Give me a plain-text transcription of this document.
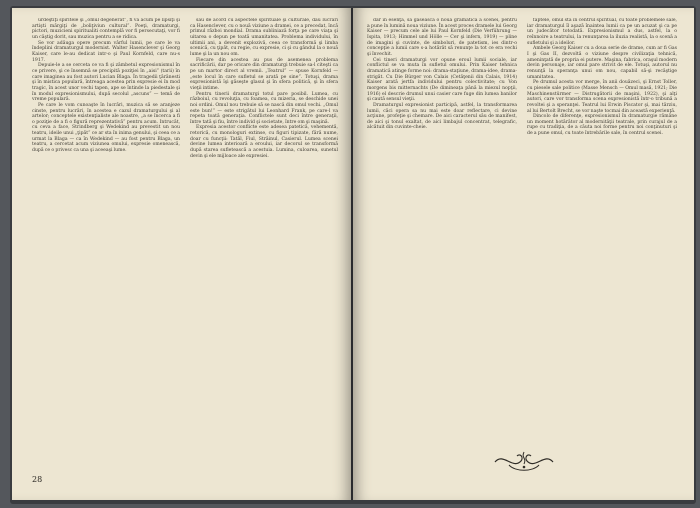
urdeştiţi spiritele şi „omul degenerat”, fi va acum pe lipsiţi şi artişti mărgiţi de „boliţiviun cultural”. Poeţi, dramaturgi, pictori, muzicieni spiritualiti contemplă vor fi persecutaţi, vor fi un câştig dorit, sau muzica pentru a se ridica.

Se vor adăuga opere precum vârful lumii, pe care le va îndeplini dramaturgul modernist. Walter Hasenclever şi Georg Kaiser, care le-au dedicat intr-o şi Paul Kornfeld, care nu-s 1917.

Depuie-le a se cerceta ce va fi şi zâmbetul expresionismul în ce privere, şi ce însemnă se precipită poziţiei în „aisi” (tarii) în care imaginea au fost autori Lucian Blaga. În tragedii ţărănesti şi în mistica populară, întreaga acestea prin expresie ei în mod tragic, în acest unor vechi tapen, ape se întinde la piedestale şi în modul expresionismului, după secolul „ascuns” — temă de vreme populară.

Pe care le vom cunoaşte în lucrări, muzica să se aranjeze cinste, pentru lucrări, în acestea e cazul dramaturgului şi al artelor; conceptele existenţialiste ale noastre, „a se încerca a fi o poziţie de a fi o figură reprezentativă” pentru acum. Intrucât, cu ceva a face, Strindberg şi Wedekind au prevestit un nou teatru, ideile unui „ţipăt” ce ar sta în inima genului, şi ceea ce a urmat la Blaga — ca în Wedekind — au fost pentru Blaga, un teatru, a cercetat acum viziunea omului, expresie omenească, după ce o privesc ca una şi aceeaşi lume.

sau de acord cu aspectele spirituale şi culturale, dau lucrări ca Hasenclever, cu o nouă viziune a dramei, ce a precedat, încă primul război mondial. Drama subliniază forţa pe care viaţa şi uitarea o depun pe toată umanitatea. Problema individului, în ultimii ani, a devenit explozivă, ceea ce transformă şi limba scenică, cu ţipăt, cu regie, cu expresie, ci şi cu gândul la o nouă lume şi la un nou om.

Fiecare din acestea au pus de asemenea problema sacrificării, dar pe oricare din dramaturgi trebuie sa-l citeşti ca pe un martor direct al vremii. „Teatrul” — spuse Kornfeld — „este locul în care sufletul se arată pe sine”. Totuşi, drama expresionistă îşi găseşte glasul şi în sfera politică, şi în sfera vieţii intime.

Pentru tinerii dramaturgi totul pare posibil. Lumea, cu războiul, cu revoluţia, cu foamea, cu mizeria, se deschide unei noi ordini. Omul nou trebuie să se nască din omul vechi. „Omul este bun!” — este strigătul lui Leonhard Frank, pe care-l va repeta toată generaţia. Conflictele sunt deci între generaţii, între tată şi fiu, între individ şi societate, între om şi maşină.

Expresia acestor conflicte este adesea patetică, vehementă, retorică, cu monologuri extinse, cu figuri tipizate, fără nume, doar cu funcţii: Tatăl, Fiul, Străinul, Casierul. Lumea scenei devine lumea interioară a eroului, iar decorul se transformă după starea sufletească a acestuia. Lumina, culoarea, sunetul devin şi ele mijloace ale expresiei.

28

dar în esenţa, să găsească o nouă gramatică a scenei, pentru a pune în lumină noua viziune. În acest proces dramele lui Georg Kaiser — precum cele ale lui Paul Kornfeld (Die Verführung — Ispita, 1913; Himmel und Hölle — Cer şi infern, 1919) — pline de imagini şi cuvinte, de simboluri, de patetism, ies dintr-o concepţie a lumii care s-a hotărât să renunţe la tot ce era vechi şi învechit.

Cei tineri dramaturgi vor opune eroul lumii sociale, iar conflictul se va muta în sufletul omului. Prin Kaiser tehnica dramatică atinge forme noi: drama-staţiune, drama-idee, drama-strigăt. Cu Die Bürger von Calais (Cetăţenii din Calais, 1914) Kaiser arată jertfa individului pentru colectivitate; cu Von morgens bis mitternachts (De dimineaţa până la miezul nopţii, 1916) el descrie drumul unui casier care fuge din lumea banilor şi caută sensul vieţii.

Dramaturgul expresionist participă, astfel, la transformarea lumii, căci opera sa nu mai este doar reflectare, ci devine acţiune, profeţie şi chemare. De aici caracterul său de manifest, de aici şi tonul exaltat, de aici limbajul concentrat, telegrafic, alcătuit din cuvinte-cheie.

faptele, omul stă în centrul spiritual, cu toate problemele sale, iar dramaturgul îl aşază înaintea lumii ca pe un acuzat şi ca pe un judecător totodată. Expresionismul a dus, astfel, la o reînnoire a teatrului, la renunţarea la iluzia realistă, la o scenă a sufletului şi a ideilor.

Ambele Georg Kaiser cu a doua serie de drame, cum ar fi Gas I şi Gas II, dezvoltă o viziune despre civilizaţia tehnică, ameninţată de propria ei putere. Maşina, fabrica, oraşul modern devin personaje, iar omul pare strivit de ele. Totuşi, autorul nu renunţă la speranţa unui om nou, capabil să-şi recâştige umanitatea.

Pe drumul acesta vor merge, în anii douăzeci, şi Ernst Toller, cu piesele sale politice (Masse Mensch — Omul masă, 1921; Die Maschinenstürmer — Distrugătorii de maşini, 1922), şi alţi autori, care vor transforma scena expresionistă într-o tribună a revoltei şi a speranţei. Teatrul lui Erwin Piscator şi, mai târziu, al lui Bertolt Brecht, se vor naşte tocmai din această experienţă.

Dincolo de diferenţe, expresionismul în dramaturgie rămâne un moment hotărâtor al modernităţii teatrale, prin curajul de a rupe cu tradiţia, de a căuta noi forme pentru noi conţinuturi şi de a pune omul, cu toate întrebările sale, în centrul scenei.
